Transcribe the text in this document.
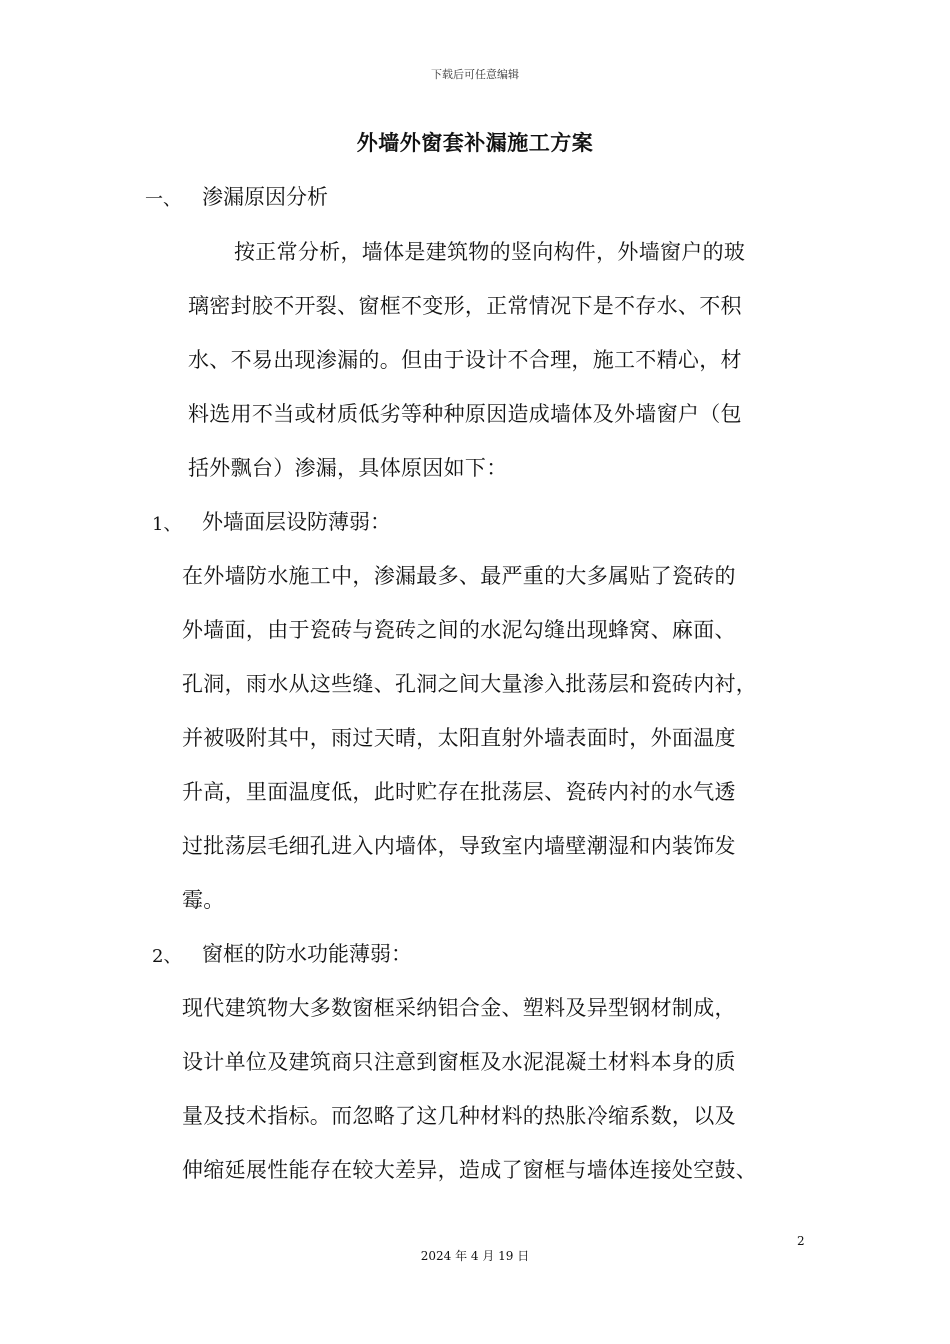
下载后可任意编辑
外墙外窗套补漏施工方案
一、 渗漏原因分析
按正常分析，墙体是建筑物的竖向构件，外墙窗户的玻
璃密封胶不开裂、窗框不变形，正常情况下是不存水、不积
水、不易出现渗漏的。但由于设计不合理，施工不精心，材
料选用不当或材质低劣等种种原因造成墙体及外墙窗户（包
括外飘台）渗漏，具体原因如下：
1、 外墙面层设防薄弱：
在外墙防水施工中，渗漏最多、最严重的大多属贴了瓷砖的
外墙面，由于瓷砖与瓷砖之间的水泥勾缝出现蜂窝、麻面、
孔洞，雨水从这些缝、孔洞之间大量渗入批荡层和瓷砖内衬，
并被吸附其中，雨过天晴，太阳直射外墙表面时，外面温度
升高，里面温度低，此时贮存在批荡层、瓷砖内衬的水气透
过批荡层毛细孔进入内墙体，导致室内墙壁潮湿和内装饰发
霉。
2、 窗框的防水功能薄弱：
现代建筑物大多数窗框采纳铝合金、塑料及异型钢材制成，
设计单位及建筑商只注意到窗框及水泥混凝土材料本身的质
量及技术指标。而忽略了这几种材料的热胀冷缩系数，以及
伸缩延展性能存在较大差异，造成了窗框与墙体连接处空鼓、
2
2024 年 4 月 19 日
